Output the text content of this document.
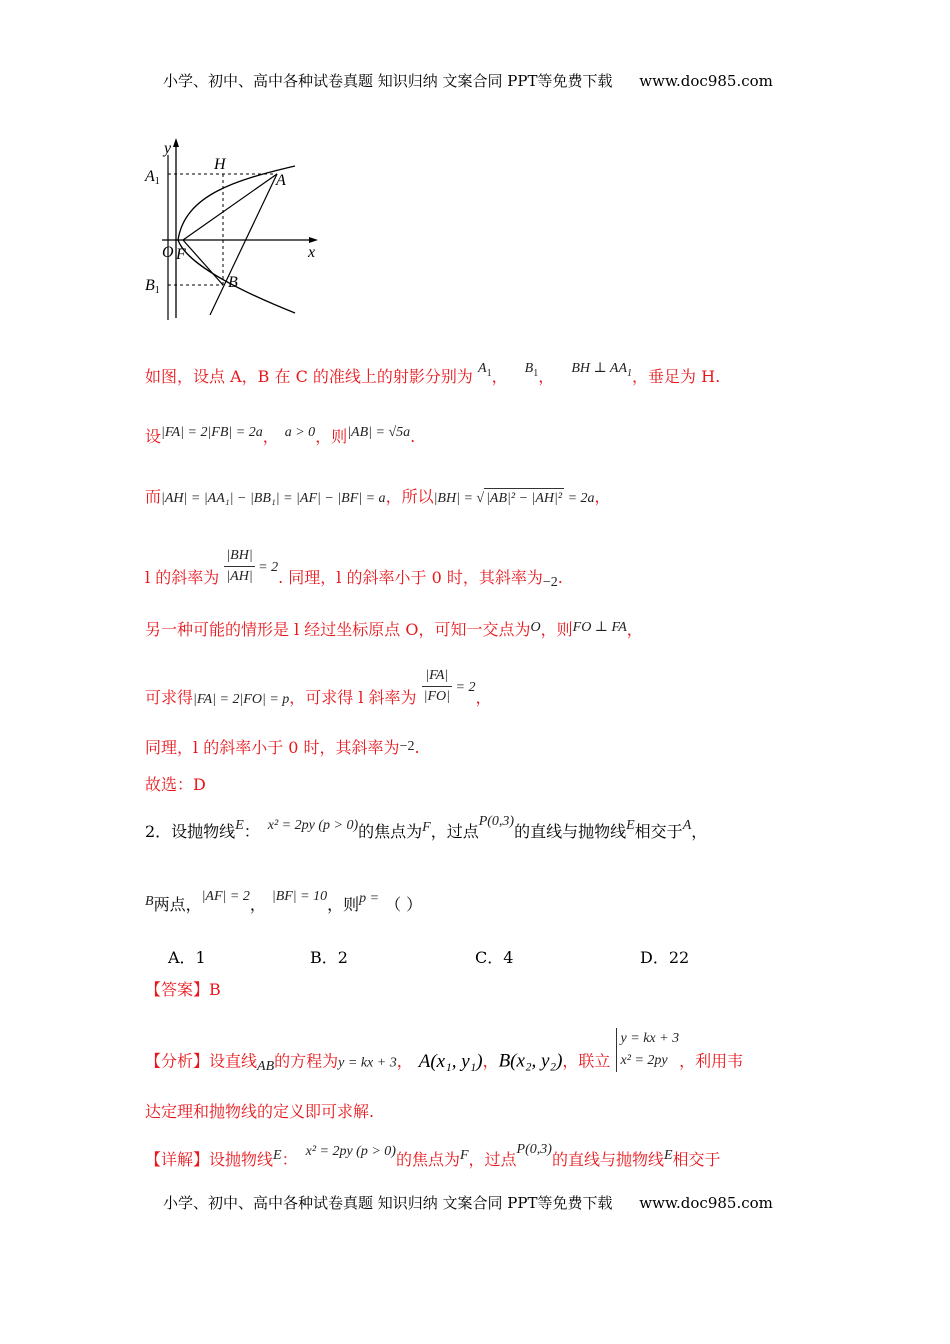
小学、初中、高中各种试卷真题 知识归纳 文案合同 PPT等免费下载 www.doc985.com
y
x
A1
B1
H
A
B
O F
如图，设点 A，B 在 C 的准线上的射影分别为 $A_1$， $B_1$， BH ⊥ $AA_1$，垂足为 H.
设|FA| = 2|FB| = 2a， a > 0，则|AB| = √5a.
而|AH| = |AA₁| − |BB₁| = |AF| − |BF| = a，所以|BH| = √ |AB|² − |AH|² = 2a，
l 的斜率为 $\frac{|BH|}{|AH|} = 2$. 同理，l 的斜率小于 0 时，其斜率为−2.
另一种可能的情形是 l 经过坐标原点 O，可知一交点为O，则FO ⊥ FA，
可求得|FA| = 2|FO| = p，可求得 l 斜率为 $\frac{|FA|}{|FO|} = 2$，
同理，l 的斜率小于 0 时，其斜率为−2.
故选：D
2．设抛物线E： x² = 2py (p > 0)的焦点为F，过点P(0,3)的直线与抛物线E相交于A，
B两点，|AF| = 2， |BF| = 10，则p = （ ）
A．1	B．2	C．4	D．22
【答案】B
【分析】设直线AB的方程为y = kx + 3， A(x₁, y₁)，B(x₂, y₂)，联立
y = kx + 3
x² = 2py ，利用韦
达定理和抛物线的定义即可求解.
【详解】设抛物线E： x² = 2py (p > 0)的焦点为F，过点P(0,3)的直线与抛物线E相交于
小学、初中、高中各种试卷真题 知识归纳 文案合同 PPT等免费下载 www.doc985.com
